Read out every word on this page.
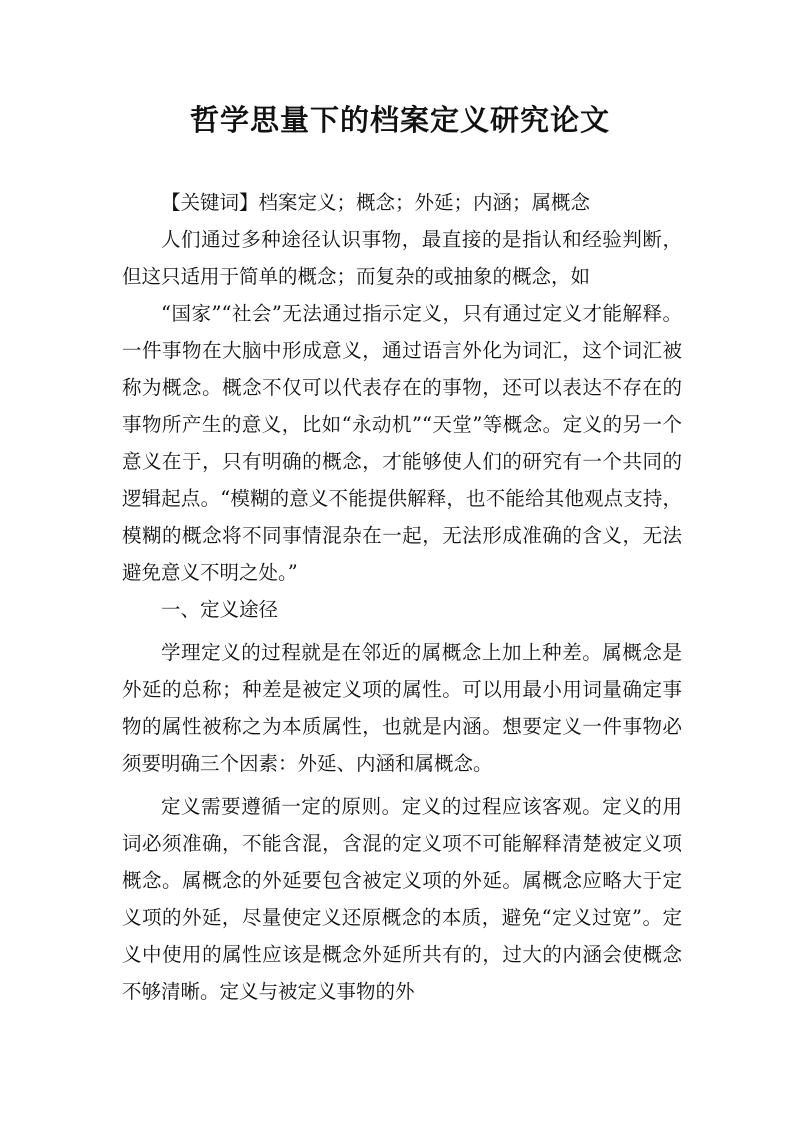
哲学思量下的档案定义研究论文

【关键词】档案定义；概念；外延；内涵；属概念

人们通过多种途径认识事物，最直接的是指认和经验判断，但这只适用于简单的概念；而复杂的或抽象的概念，如

“国家”“社会”无法通过指示定义，只有通过定义才能解释。一件事物在大脑中形成意义，通过语言外化为词汇，这个词汇被称为概念。概念不仅可以代表存在的事物，还可以表达不存在的事物所产生的意义，比如“永动机”“天堂”等概念。定义的另一个意义在于，只有明确的概念，才能够使人们的研究有一个共同的逻辑起点。“模糊的意义不能提供解释，也不能给其他观点支持，模糊的概念将不同事情混杂在一起，无法形成准确的含义，无法避免意义不明之处。”

一、定义途径

学理定义的过程就是在邻近的属概念上加上种差。属概念是外延的总称；种差是被定义项的属性。可以用最小用词量确定事物的属性被称之为本质属性，也就是内涵。想要定义一件事物必须要明确三个因素：外延、内涵和属概念。

定义需要遵循一定的原则。定义的过程应该客观。定义的用词必须准确，不能含混，含混的定义项不可能解释清楚被定义项概念。属概念的外延要包含被定义项的外延。属概念应略大于定义项的外延，尽量使定义还原概念的本质，避免“定义过宽”。定义中使用的属性应该是概念外延所共有的，过大的内涵会使概念不够清晰。定义与被定义事物的外
